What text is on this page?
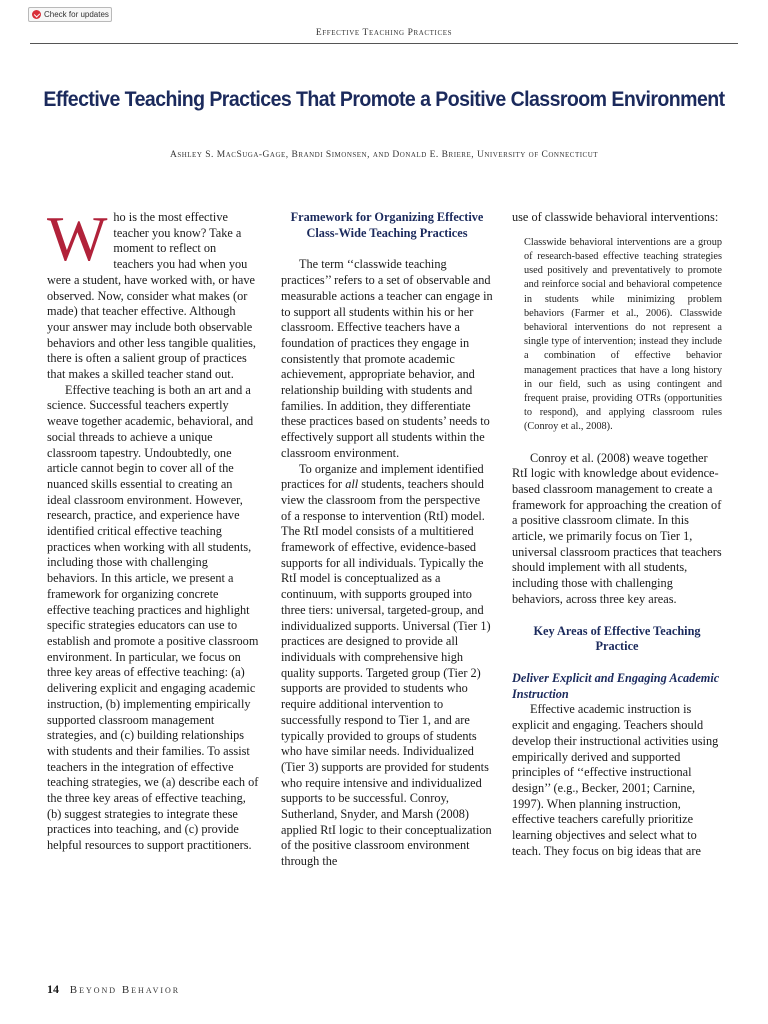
Check for updates
Effective Teaching Practices
Effective Teaching Practices That Promote a Positive Classroom Environment
Ashley S. MacSuga-Gage, Brandi Simonsen, and Donald E. Briere, University of Connecticut

Who is the most effective teacher you know? Take a moment to reflect on teachers you had when you were a student, have worked with, or have observed. Now, consider what makes (or made) that teacher effective. Although your answer may include both observable behaviors and other less tangible qualities, there is often a salient group of practices that makes a skilled teacher stand out.

Effective teaching is both an art and a science. Successful teachers expertly weave together academic, behavioral, and social threads to achieve a unique classroom tapestry. Undoubtedly, one article cannot begin to cover all of the nuanced skills essential to creating an ideal classroom environment. However, research, practice, and experience have identified critical effective teaching practices when working with all students, including those with challenging behaviors. In this article, we present a framework for organizing concrete effective teaching practices and highlight specific strategies educators can use to establish and promote a positive classroom environment. In particular, we focus on three key areas of effective teaching: (a) delivering explicit and engaging academic instruction, (b) implementing empirically supported classroom management strategies, and (c) building relationships with students and their families. To assist teachers in the integration of effective teaching strategies, we (a) describe each of the three key areas of effective teaching, (b) suggest strategies to integrate these practices into teaching, and (c) provide helpful resources to support practitioners.

Framework for Organizing Effective Class-Wide Teaching Practices

The term ‘‘classwide teaching practices’’ refers to a set of observable and measurable actions a teacher can engage in to support all students within his or her classroom. Effective teachers have a foundation of practices they engage in consistently that promote academic achievement, appropriate behavior, and relationship building with students and families. In addition, they differentiate these practices based on students’ needs to effectively support all students within the classroom environment.

To organize and implement identified practices for all students, teachers should view the classroom from the perspective of a response to intervention (RtI) model. The RtI model consists of a multitiered framework of effective, evidence-based supports for all individuals. Typically the RtI model is conceptualized as a continuum, with supports grouped into three tiers: universal, targeted-group, and individualized supports. Universal (Tier 1) practices are designed to provide all individuals with comprehensive high quality supports. Targeted group (Tier 2) supports are provided to students who require additional intervention to successfully respond to Tier 1, and are typically provided to groups of students who have similar needs. Individualized (Tier 3) supports are provided for students who require intensive and individualized supports to be successful. Conroy, Sutherland, Snyder, and Marsh (2008) applied RtI logic to their conceptualization of the positive classroom environment through the

use of classwide behavioral interventions:

Classwide behavioral interventions are a group of research-based effective teaching strategies used positively and preventatively to promote and reinforce social and behavioral competence in students while minimizing problem behaviors (Farmer et al., 2006). Classwide behavioral interventions do not represent a single type of intervention; instead they include a combination of effective behavior management practices that have a long history in our field, such as using contingent and frequent praise, providing OTRs (opportunities to respond), and applying classroom rules (Conroy et al., 2008).

Conroy et al. (2008) weave together RtI logic with knowledge about evidence-based classroom management to create a framework for approaching the creation of a positive classroom climate. In this article, we primarily focus on Tier 1, universal classroom practices that teachers should implement with all students, including those with challenging behaviors, across three key areas.

Key Areas of Effective Teaching Practice
Deliver Explicit and Engaging Academic Instruction

Effective academic instruction is explicit and engaging. Teachers should develop their instructional activities using empirically derived and supported principles of ‘‘effective instructional design’’ (e.g., Becker, 2001; Carnine, 1997). When planning instruction, effective teachers carefully prioritize learning objectives and select what to teach. They focus on big ideas that are

14 Beyond Behavior
